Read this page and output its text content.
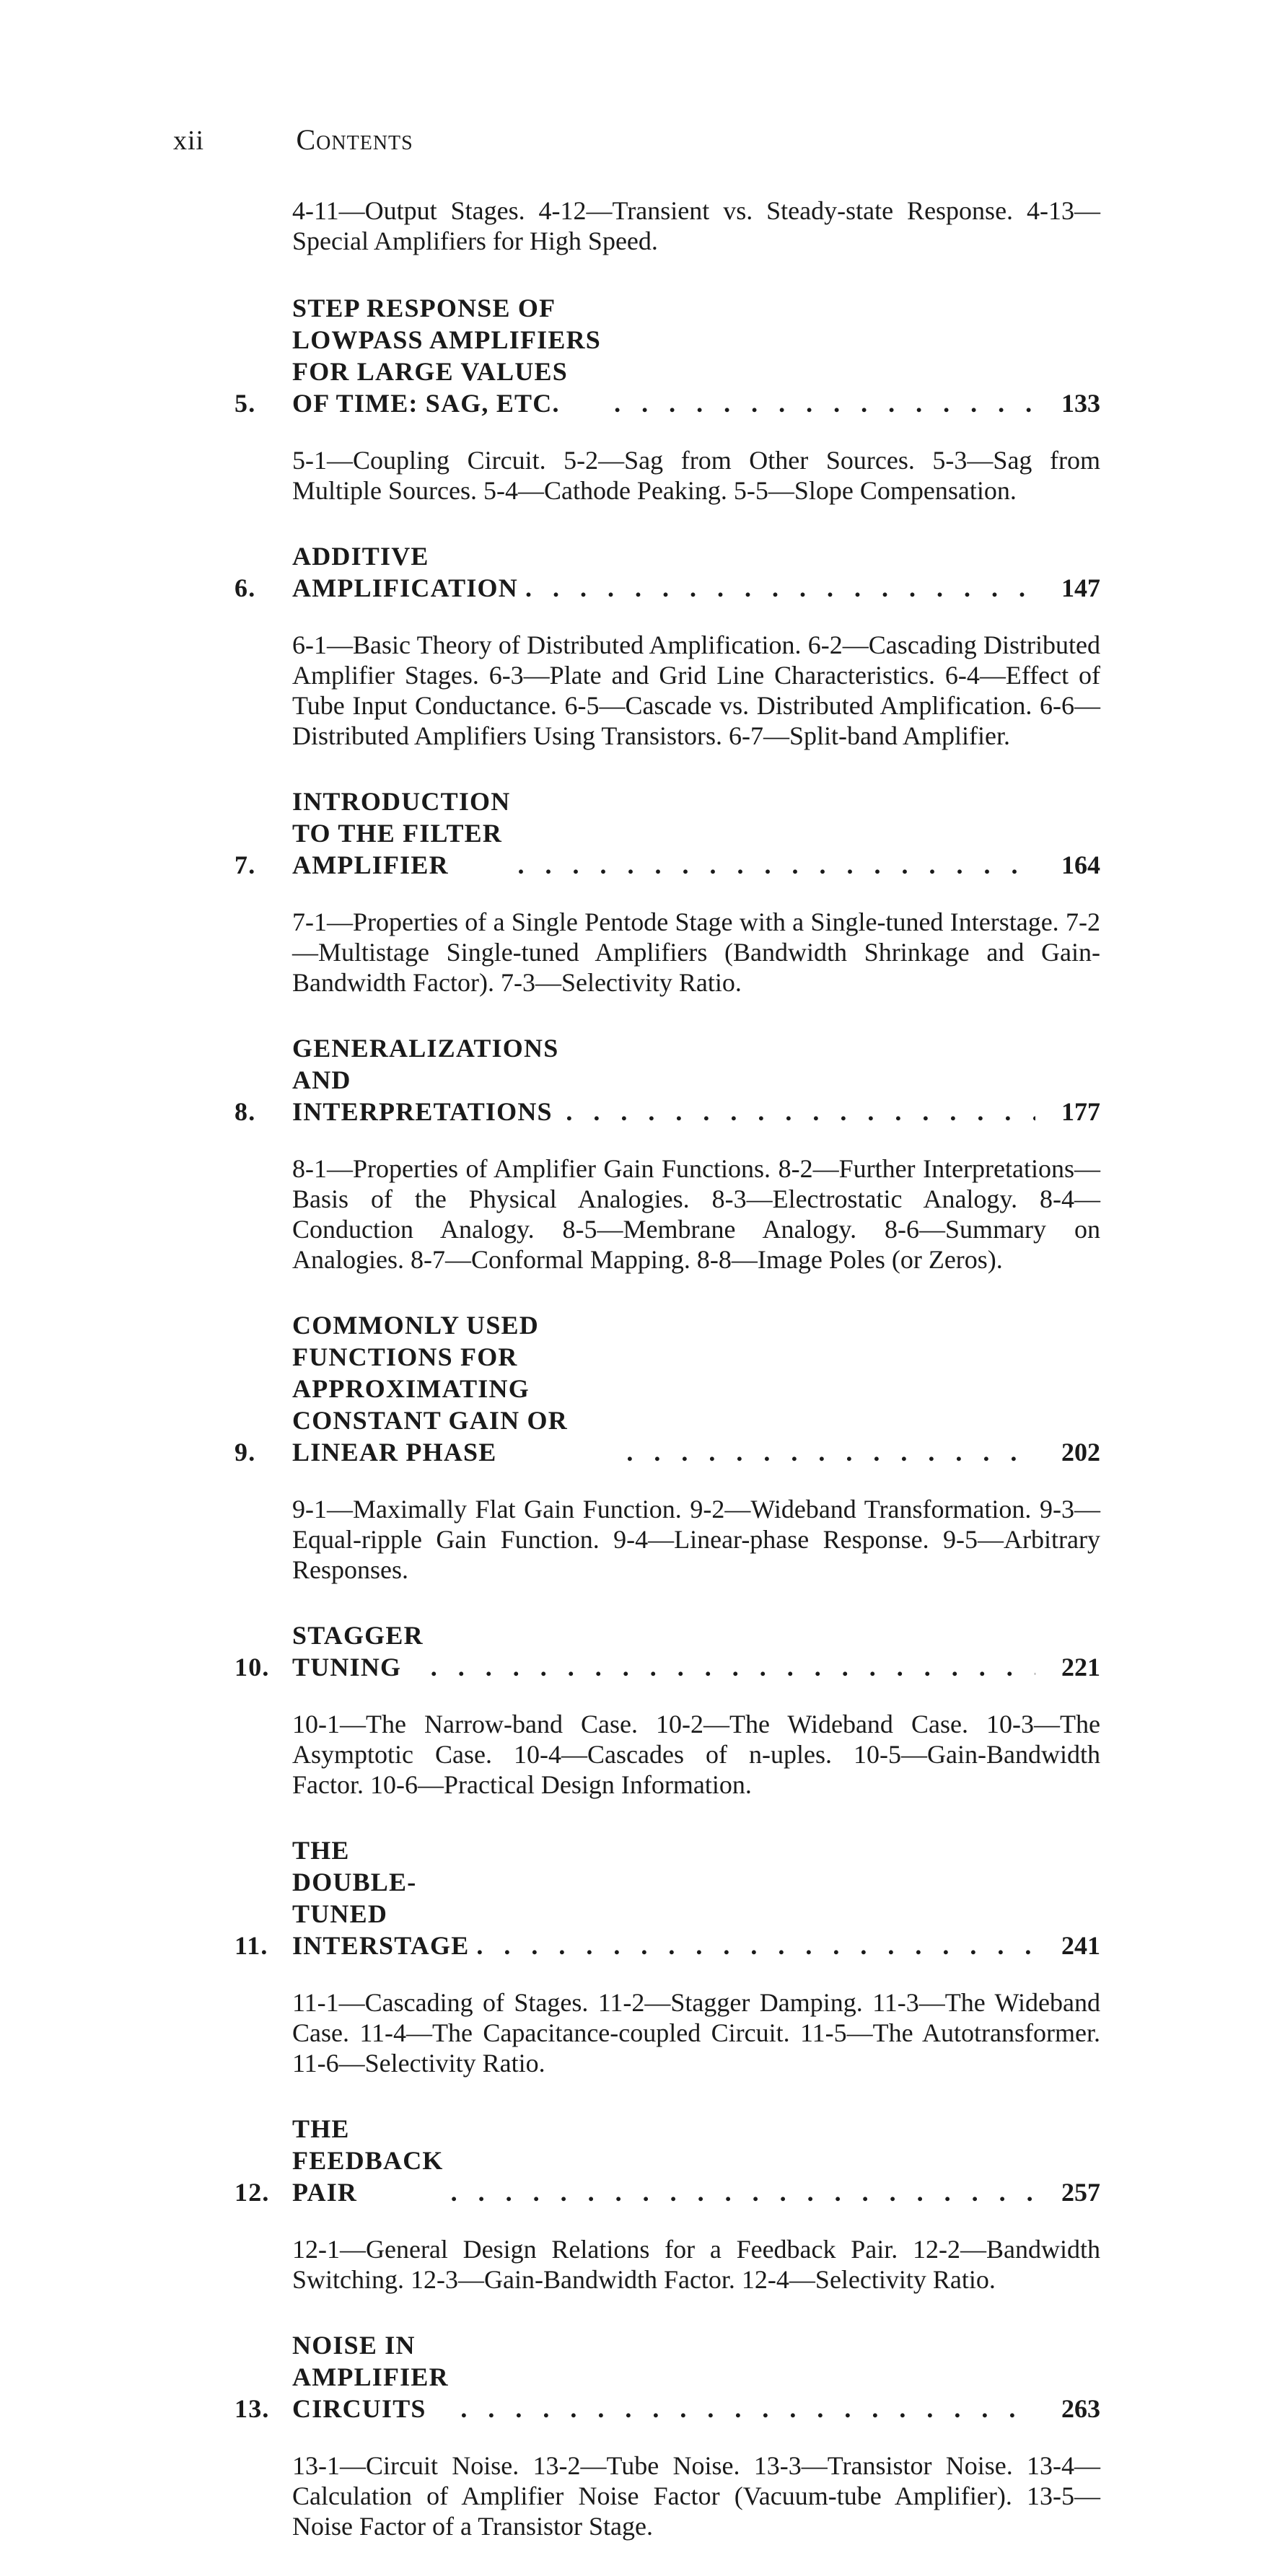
xii	Contents

4-11—Output Stages. 4-12—Transient vs. Steady-state Response. 4-13—Special Amplifiers for High Speed.

5.
STEP RESPONSE OF LOWPASS AMPLIFIERS FOR LARGE VALUES OF TIME: SAG, ETC. . . .	133

5-1—Coupling Circuit. 5-2—Sag from Other Sources. 5-3—Sag from Multiple Sources. 5-4—Cathode Peaking. 5-5—Slope Compensation.

6.
ADDITIVE AMPLIFICATION . . .	147

6-1—Basic Theory of Distributed Amplification. 6-2—Cascading Distributed Amplifier Stages. 6-3—Plate and Grid Line Characteristics. 6-4—Effect of Tube Input Conductance. 6-5—Cascade vs. Distributed Amplification. 6-6—Distributed Amplifiers Using Transistors. 6-7—Split-band Amplifier.

7.
INTRODUCTION TO THE FILTER AMPLIFIER . . .	164

7-1—Properties of a Single Pentode Stage with a Single-tuned Interstage. 7-2—Multistage Single-tuned Amplifiers (Bandwidth Shrinkage and Gain-Bandwidth Factor). 7-3—Selectivity Ratio.

8.
GENERALIZATIONS AND INTERPRETATIONS . . .	177

8-1—Properties of Amplifier Gain Functions. 8-2—Further Interpretations—Basis of the Physical Analogies. 8-3—Electrostatic Analogy. 8-4—Conduction Analogy. 8-5—Membrane Analogy. 8-6—Summary on Analogies. 8-7—Conformal Mapping. 8-8—Image Poles (or Zeros).

9.
COMMONLY USED FUNCTIONS FOR APPROXIMATING CONSTANT GAIN OR LINEAR PHASE . . .	202

9-1—Maximally Flat Gain Function. 9-2—Wideband Transformation. 9-3—Equal-ripple Gain Function. 9-4—Linear-phase Response. 9-5—Arbitrary Responses.

10.
STAGGER TUNING . . .	221

10-1—The Narrow-band Case. 10-2—The Wideband Case. 10-3—The Asymptotic Case. 10-4—Cascades of n-uples. 10-5—Gain-Bandwidth Factor. 10-6—Practical Design Information.

11.
THE DOUBLE-TUNED INTERSTAGE . . .	241

11-1—Cascading of Stages. 11-2—Stagger Damping. 11-3—The Wideband Case. 11-4—The Capacitance-coupled Circuit. 11-5—The Autotransformer. 11-6—Selectivity Ratio.

12.
THE FEEDBACK PAIR . . .	257

12-1—General Design Relations for a Feedback Pair. 12-2—Bandwidth Switching. 12-3—Gain-Bandwidth Factor. 12-4—Selectivity Ratio.

13.
NOISE IN AMPLIFIER CIRCUITS . . .	263

13-1—Circuit Noise. 13-2—Tube Noise. 13-3—Transistor Noise. 13-4—Calculation of Amplifier Noise Factor (Vacuum-tube Amplifier). 13-5—Noise Factor of a Transistor Stage.
